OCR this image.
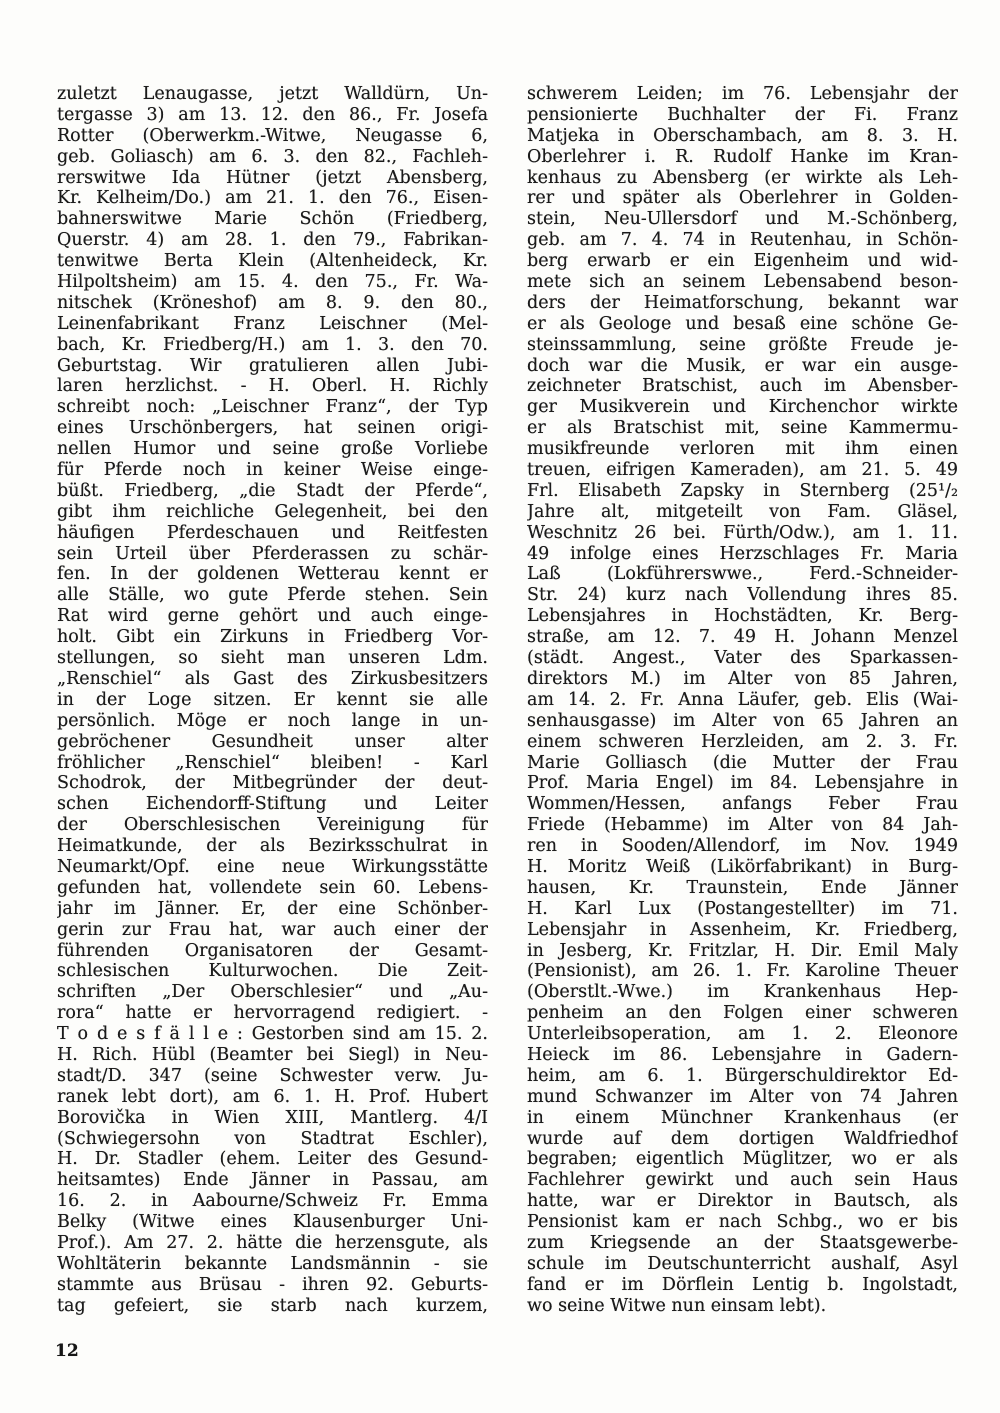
zuletzt Lenaugasse, jetzt Walldürn, Un-
tergasse 3) am 13. 12. den 86., Fr. Josefa
Rotter (Oberwerkm.-Witwe, Neugasse 6,
geb. Goliasch) am 6. 3. den 82., Fachleh-
rerswitwe Ida Hütner (jetzt Abensberg,
Kr. Kelheim/Do.) am 21. 1. den 76., Eisen-
bahnerswitwe Marie Schön (Friedberg,
Querstr. 4) am 28. 1. den 79., Fabrikan-
tenwitwe Berta Klein (Altenheideck, Kr.
Hilpoltsheim) am 15. 4. den 75., Fr. Wa-
nitschek (Kröneshof) am 8. 9. den 80.,
Leinenfabrikant Franz Leischner (Mel-
bach, Kr. Friedberg/H.) am 1. 3. den 70.
Geburtstag. Wir gratulieren allen Jubi-
laren herzlichst. - H. Oberl. H. Richly
schreibt noch: „Leischner Franz“, der Typ
eines Urschönbergers, hat seinen origi-
nellen Humor und seine große Vorliebe
für Pferde noch in keiner Weise einge-
büßt. Friedberg, „die Stadt der Pferde“,
gibt ihm reichliche Gelegenheit, bei den
häufigen Pferdeschauen und Reitfesten
sein Urteil über Pferderassen zu schär-
fen. In der goldenen Wetterau kennt er
alle Ställe, wo gute Pferde stehen. Sein
Rat wird gerne gehört und auch einge-
holt. Gibt ein Zirkuns in Friedberg Vor-
stellungen, so sieht man unseren Ldm.
„Renschiel“ als Gast des Zirkusbesitzers
in der Loge sitzen. Er kennt sie alle
persönlich. Möge er noch lange in un-
gebröchener Gesundheit unser alter
fröhlicher „Renschiel“ bleiben! - Karl
Schodrok, der Mitbegründer der deut-
schen Eichendorff-Stiftung und Leiter
der Oberschlesischen Vereinigung für
Heimatkunde, der als Bezirksschulrat in
Neumarkt/Opf. eine neue Wirkungsstätte
gefunden hat, vollendete sein 60. Lebens-
jahr im Jänner. Er, der eine Schönber-
gerin zur Frau hat, war auch einer der
führenden Organisatoren der Gesamt-
schlesischen Kulturwochen. Die Zeit-
schriften „Der Oberschlesier“ und „Au-
rora“ hatte er hervorragend redigiert. -
T o d e s f ä l l e : Gestorben sind am 15. 2.
H. Rich. Hübl (Beamter bei Siegl) in Neu-
stadt/D. 347 (seine Schwester verw. Ju-
ranek lebt dort), am 6. 1. H. Prof. Hubert
Borovička in Wien XIII, Mantlerg. 4/I
(Schwiegersohn von Stadtrat Eschler),
H. Dr. Stadler (ehem. Leiter des Gesund-
heitsamtes) Ende Jänner in Passau, am
16. 2. in Aabourne/Schweiz Fr. Emma
Belky (Witwe eines Klausenburger Uni-
Prof.). Am 27. 2. hätte die herzensgute, als
Wohltäterin bekannte Landsmännin - sie
stammte aus Brüsau - ihren 92. Geburts-
tag gefeiert, sie starb nach kurzem,
schwerem Leiden; im 76. Lebensjahr der
pensionierte Buchhalter der Fi. Franz
Matjeka in Oberschambach, am 8. 3. H.
Oberlehrer i. R. Rudolf Hanke im Kran-
kenhaus zu Abensberg (er wirkte als Leh-
rer und später als Oberlehrer in Golden-
stein, Neu-Ullersdorf und M.-Schönberg,
geb. am 7. 4. 74 in Reutenhau, in Schön-
berg erwarb er ein Eigenheim und wid-
mete sich an seinem Lebensabend beson-
ders der Heimatforschung, bekannt war
er als Geologe und besaß eine schöne Ge-
steinssammlung, seine größte Freude je-
doch war die Musik, er war ein ausge-
zeichneter Bratschist, auch im Abensber-
ger Musikverein und Kirchenchor wirkte
er als Bratschist mit, seine Kammermu-
musikfreunde verloren mit ihm einen
treuen, eifrigen Kameraden), am 21. 5. 49
Frl. Elisabeth Zapsky in Sternberg (25¹/₂
Jahre alt, mitgeteilt von Fam. Gläsel,
Weschnitz 26 bei. Fürth/Odw.), am 1. 11.
49 infolge eines Herzschlages Fr. Maria
Laß (Lokführerswwe., Ferd.-Schneider-
Str. 24) kurz nach Vollendung ihres 85.
Lebensjahres in Hochstädten, Kr. Berg-
straße, am 12. 7. 49 H. Johann Menzel
(städt. Angest., Vater des Sparkassen-
direktors M.) im Alter von 85 Jahren,
am 14. 2. Fr. Anna Läufer, geb. Elis (Wai-
senhausgasse) im Alter von 65 Jahren an
einem schweren Herzleiden, am 2. 3. Fr.
Marie Golliasch (die Mutter der Frau
Prof. Maria Engel) im 84. Lebensjahre in
Wommen/Hessen, anfangs Feber Frau
Friede (Hebamme) im Alter von 84 Jah-
ren in Sooden/Allendorf, im Nov. 1949
H. Moritz Weiß (Likörfabrikant) in Burg-
hausen, Kr. Traunstein, Ende Jänner
H. Karl Lux (Postangestellter) im 71.
Lebensjahr in Assenheim, Kr. Friedberg,
in Jesberg, Kr. Fritzlar, H. Dir. Emil Maly
(Pensionist), am 26. 1. Fr. Karoline Theuer
(Oberstlt.-Wwe.) im Krankenhaus Hep-
penheim an den Folgen einer schweren
Unterleibsoperation, am 1. 2. Eleonore
Heieck im 86. Lebensjahre in Gadern-
heim, am 6. 1. Bürgerschuldirektor Ed-
mund Schwanzer im Alter von 74 Jahren
in einem Münchner Krankenhaus (er
wurde auf dem dortigen Waldfriedhof
begraben; eigentlich Müglitzer, wo er als
Fachlehrer gewirkt und auch sein Haus
hatte, war er Direktor in Bautsch, als
Pensionist kam er nach Schbg., wo er bis
zum Kriegsende an der Staatsgewerbe-
schule im Deutschunterricht aushalf, Asyl
fand er im Dörflein Lentig b. Ingolstadt,
wo seine Witwe nun einsam lebt).
12
